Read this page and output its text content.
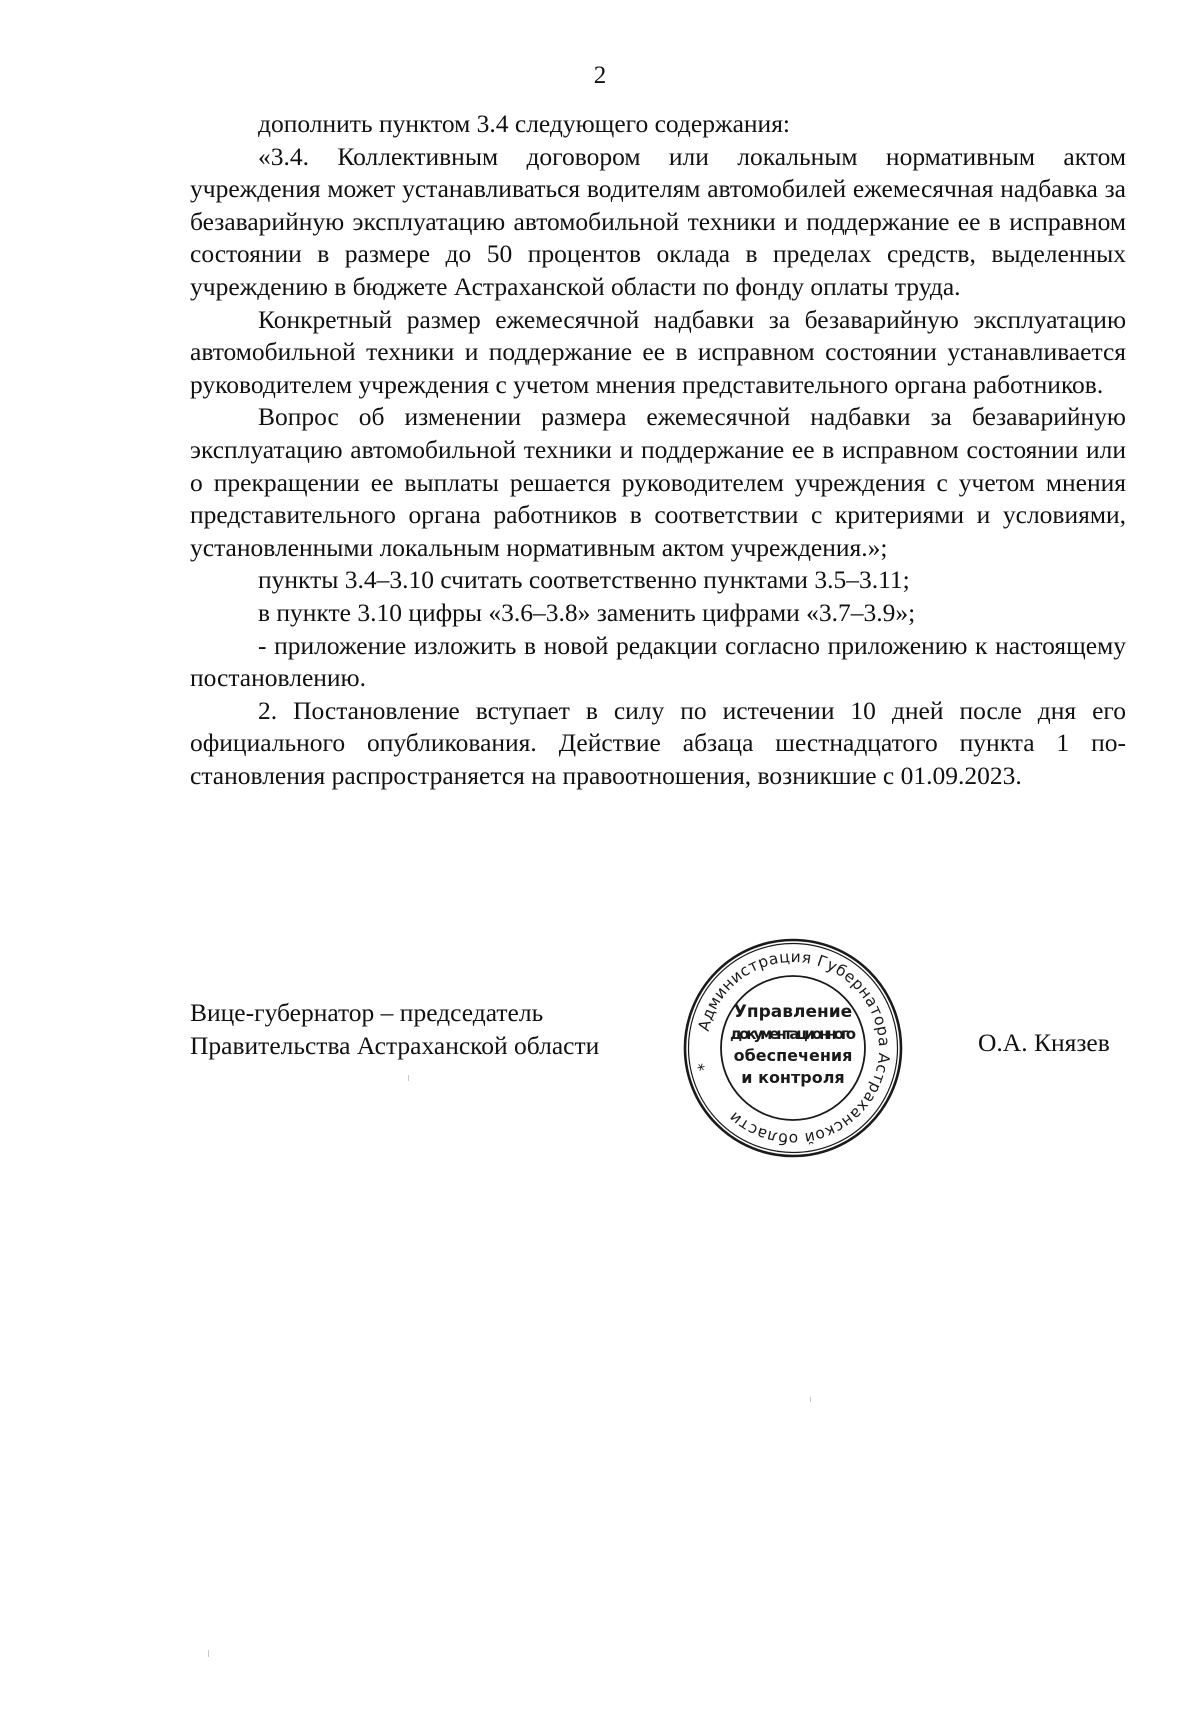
2

дополнить пунктом 3.4 следующего содержания:

«3.4. Коллективным договором или локальным нормативным актом учреждения может устанавливаться водителям автомобилей ежемесячная надбавка за безаварийную эксплуатацию автомобильной техники и поддержание ее в исправном состоянии в размере до 50 процентов оклада в пределах средств, выделенных учреждению в бюджете Астраханской области по фонду оплаты труда.

Конкретный размер ежемесячной надбавки за безаварийную эксплуатацию автомобильной техники и поддержание ее в исправном состоянии устанавливается руководителем учреждения с учетом мнения представительного органа работников.

Вопрос об изменении размера ежемесячной надбавки за безаварийную эксплуатацию автомобильной техники и поддержание ее в исправном состоянии или о прекращении ее выплаты решается руководителем учреждения с учетом мнения представительного органа работников в соответствии с критериями и условиями, установленными локальным нормативным актом учреждения.»;

пункты 3.4–3.10 считать соответственно пунктами 3.5–3.11;

в пункте 3.10 цифры «3.6–3.8» заменить цифрами «3.7–3.9»;

- приложение изложить в новой редакции согласно приложению к настоящему постановлению.

2. Постановление вступает в силу по истечении 10 дней после дня его официального опубликования. Действие абзаца шестнадцатого пункта 1 постановления распространяется на правоотношения, возникшие с 01.09.2023.

Вице-губернатор – председатель
Правительства Астраханской области
Администрация Губернатора Астраханской области
*
Управление
документационного
обеспечения
и контроля
О.А. Князев
